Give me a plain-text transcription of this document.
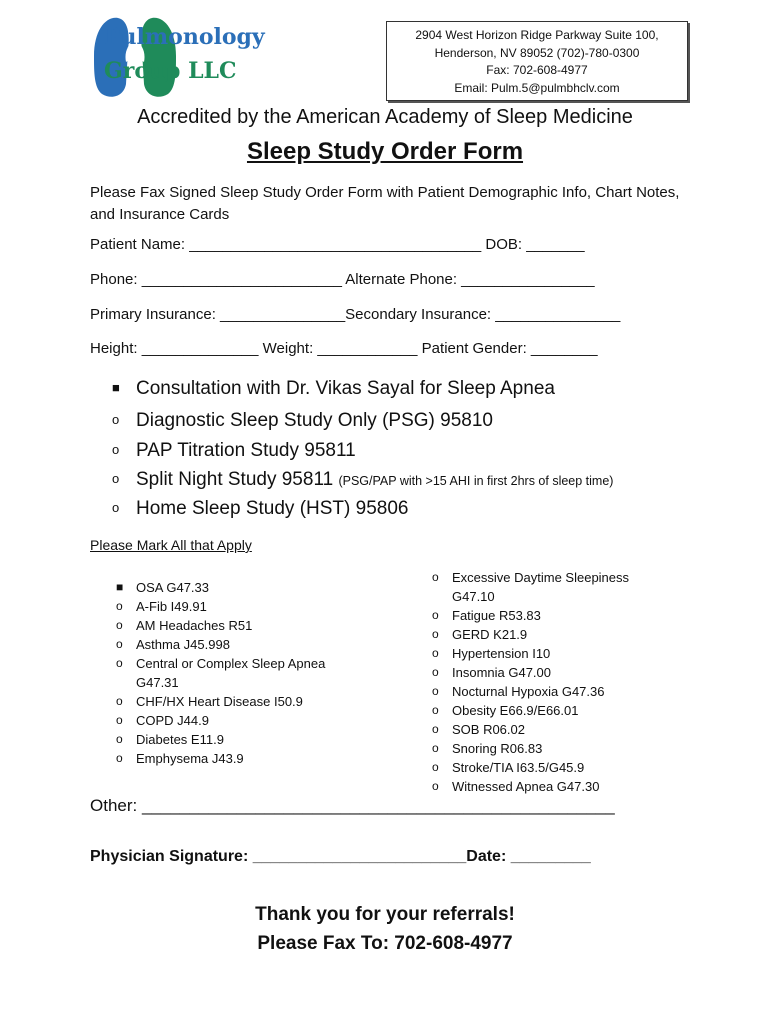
Pulmonology
Group LLC
2904 West Horizon Ridge Parkway Suite 100,
Henderson, NV 89052 (702)-780-0300
Fax: 702-608-4977
Email: Pulm.5@pulmbhclv.com
Accredited by the American Academy of Sleep Medicine
Sleep Study Order Form
Please Fax Signed Sleep Study Order Form with Patient Demographic Info, Chart Notes, and Insurance Cards
Patient Name: ___________________________________ DOB: _______
Phone: ________________________ Alternate Phone: ________________
Primary Insurance: _______________Secondary Insurance: _______________
Height: ______________ Weight: ____________ Patient Gender: ________
■ Consultation with Dr. Vikas Sayal for Sleep Apnea
o Diagnostic Sleep Study Only (PSG) 95810
o PAP Titration Study 95811
o Split Night Study 95811 (PSG/PAP with >15 AHI in first 2hrs of sleep time)
o Home Sleep Study (HST) 95806
Please Mark All that Apply
■ OSA G47.33
o A-Fib I49.91
o AM Headaches R51
o Asthma J45.998
o Central or Complex Sleep Apnea G47.31
o CHF/HX Heart Disease I50.9
o COPD J44.9
o Diabetes E11.9
o Emphysema J43.9
o Excessive Daytime Sleepiness G47.10
o Fatigue R53.83
o GERD K21.9
o Hypertension I10
o Insomnia G47.00
o Nocturnal Hypoxia G47.36
o Obesity E66.9/E66.01
o SOB R06.02
o Snoring R06.83
o Stroke/TIA I63.5/G45.9
o Witnessed Apnea G47.30
Other: __________________________________________________
Physician Signature: ________________________Date: _________
Thank you for your referrals!
Please Fax To: 702-608-4977
